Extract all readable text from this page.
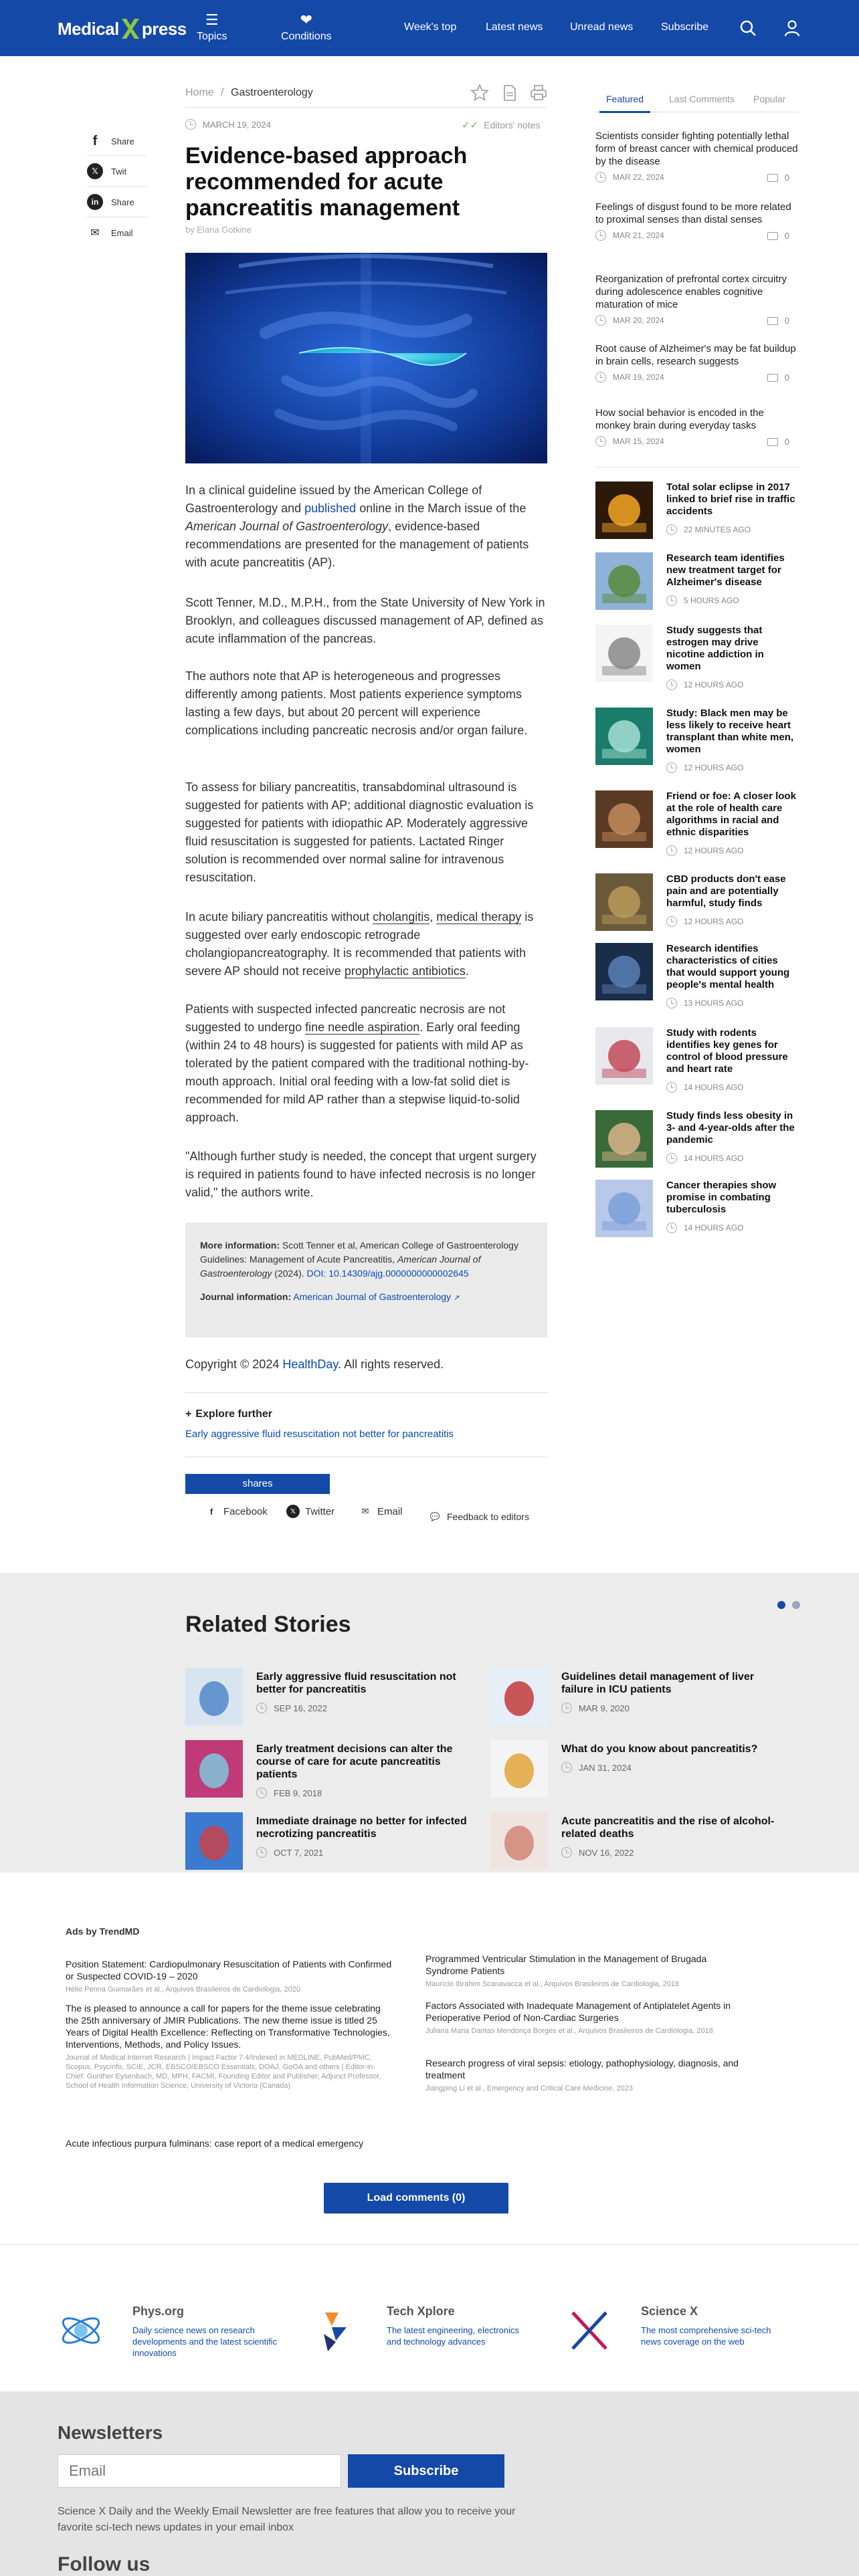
Medical press	☰
Topics
❤
Conditions
Week's top	Latest news	Unread news	Subscribe
f	Share
𝕏	Twit
in	Share
✉	Email
Home / Gastroenterology
MARCH 19, 2024	✓✓ Editors' notes
Evidence-based approach recommended for acute pancreatitis management
by Elana Gotkine

In a clinical guideline issued by the American College of Gastroenterology and published online in the March issue of the American Journal of Gastroenterology, evidence-based recommendations are presented for the management of patients with acute pancreatitis (AP).

Scott Tenner, M.D., M.P.H., from the State University of New York in Brooklyn, and colleagues discussed management of AP, defined as acute inflammation of the pancreas.

The authors note that AP is heterogeneous and progresses differently among patients. Most patients experience symptoms lasting a few days, but about 20 percent will experience complications including pancreatic necrosis and/or organ failure.

To assess for biliary pancreatitis, transabdominal ultrasound is suggested for patients with AP; additional diagnostic evaluation is suggested for patients with idiopathic AP. Moderately aggressive fluid resuscitation is suggested for patients. Lactated Ringer solution is recommended over normal saline for intravenous resuscitation.

In acute biliary pancreatitis without cholangitis, medical therapy is suggested over early endoscopic retrograde cholangiopancreatography. It is recommended that patients with severe AP should not receive prophylactic antibiotics.

Patients with suspected infected pancreatic necrosis are not suggested to undergo fine needle aspiration. Early oral feeding (within 24 to 48 hours) is suggested for patients with mild AP as tolerated by the patient compared with the traditional nothing-by-mouth approach. Initial oral feeding with a low-fat solid diet is recommended for mild AP rather than a stepwise liquid-to-solid approach.

"Although further study is needed, the concept that urgent surgery is required in patients found to have infected necrosis is no longer valid," the authors write.

More information: Scott Tenner et al, American College of Gastroenterology Guidelines: Management of Acute Pancreatitis, American Journal of Gastroenterology (2024). DOI: 10.14309/ajg.0000000000002645

Journal information: American Journal of Gastroenterology ↗

Copyright © 2024 HealthDay. All rights reserved.

+ Explore further
Early aggressive fluid resuscitation not better for pancreatitis
shares
f	Facebook	𝕏 Twitter	✉ Email	💬 Feedback to editors
Featured	Last Comments Popular
Scientists consider fighting potentially lethal form of breast cancer with chemical produced by the disease
MAR 22, 2024	0
Feelings of disgust found to be more related to proximal senses than distal senses
MAR 21, 2024	0
Reorganization of prefrontal cortex circuitry during adolescence enables cognitive maturation of mice
MAR 20, 2024	0
Root cause of Alzheimer's may be fat buildup in brain cells, research suggests
MAR 19, 2024	0
How social behavior is encoded in the monkey brain during everyday tasks
MAR 15, 2024	0
Total solar eclipse in 2017 linked to brief rise in traffic accidents
22 MINUTES AGO
Research team identifies new treatment target for Alzheimer's disease
5 HOURS AGO
Study suggests that estrogen may drive nicotine addiction in women
12 HOURS AGO
Study: Black men may be less likely to receive heart transplant than white men, women
12 HOURS AGO
Friend or foe: A closer look at the role of health care algorithms in racial and ethnic disparities
12 HOURS AGO
CBD products don't ease pain and are potentially harmful, study finds
12 HOURS AGO
Research identifies characteristics of cities that would support young people's mental health
13 HOURS AGO
Study with rodents identifies key genes for control of blood pressure and heart rate
14 HOURS AGO
Study finds less obesity in 3- and 4-year-olds after the pandemic
14 HOURS AGO
Cancer therapies show promise in combating tuberculosis
14 HOURS AGO
Related Stories
Early aggressive fluid resuscitation not better for pancreatitis
SEP 16, 2022
Guidelines detail management of liver failure in ICU patients
MAR 9, 2020
Early treatment decisions can alter the course of care for acute pancreatitis patients
FEB 9, 2018
What do you know about pancreatitis?
JAN 31, 2024
Immediate drainage no better for infected necrotizing pancreatitis
OCT 7, 2021
Acute pancreatitis and the rise of alcohol-related deaths
NOV 16, 2022
Ads by TrendMD
Position Statement: Cardiopulmonary Resuscitation of Patients with Confirmed or Suspected COVID-19 – 2020
Hélio Penna Guimarães et al., Arquivos Brasileiros de Cardiologia, 2020
The is pleased to announce a call for papers for the theme issue celebrating the 25th anniversary of JMIR Publications. The new theme issue is titled 25 Years of Digital Health Excellence: Reflecting on Transformative Technologies, Interventions, Methods, and Policy Issues.
Journal of Medical Internet Research | Impact Factor 7.4/Indexed in MEDLINE, PubMed/PMC, Scopus, Psycinfo, SCIE, JCR, EBSCO/EBSCO Essentials, DOAJ, GoOA and others | Editor-in-Chief: Gunther Eysenbach, MD, MPH, FACMI, Founding Editor and Publisher; Adjunct Professor, School of Health Information Science, University of Victoria (Canada)
Acute infectious purpura fulminans: case report of a medical emergency
Programmed Ventricular Stimulation in the Management of Brugada Syndrome Patients
Maurício Ibrahim Scanavacca et al., Arquivos Brasileiros de Cardiologia, 2018
Factors Associated with Inadequate Management of Antiplatelet Agents in Perioperative Period of Non-Cardiac Surgeries
Juliana Maria Dantas Mendonça Borges et al., Arquivos Brasileiros de Cardiologia, 2018
Research progress of viral sepsis: etiology, pathophysiology, diagnosis, and treatment
Jiangping Li et al., Emergency and Critical Care Medicine, 2023
Load comments (0)
Phys.org
Daily science news on research developments and the latest scientific innovations
Tech Xplore
The latest engineering, electronics and technology advances
Science X
The most comprehensive sci-tech news coverage on the web
Newsletters
Email
Subscribe
Science X Daily and the Weekly Email Newsletter are free features that allow you to receive your favorite sci-tech news updates in your email inbox
Follow us
